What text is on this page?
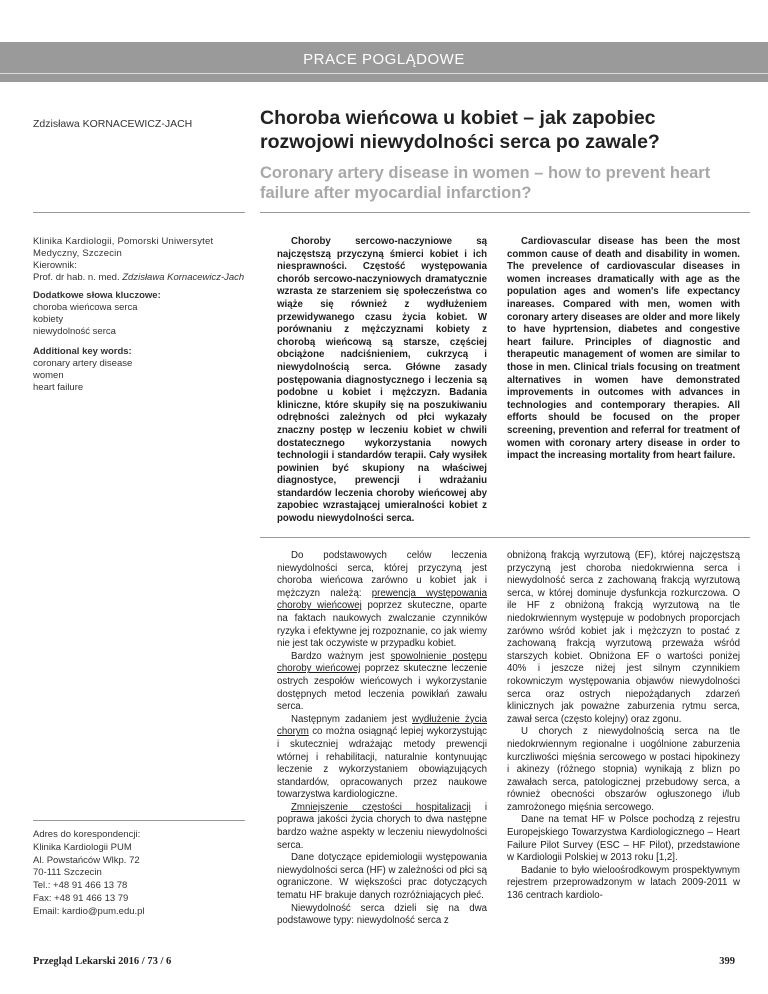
PRACE POGLĄDOWE
Zdzisława KORNACEWICZ-JACH	Choroba wieńcowa u kobiet – jak zapobiec rozwojowi niewydolności serca po zawale?
Coronary artery disease in women – how to prevent heart failure after myocardial infarction?
Klinika Kardiologii, Pomorski Uniwersytet Medyczny, Szczecin
Kierownik:
Prof. dr hab. n. med. Zdzisława Kornacewicz-Jach
Dodatkowe słowa kluczowe:
choroba wieńcowa serca
kobiety
niewydolność serca
Additional key words:
coronary artery disease
women
heart failure

Choroby sercowo-naczyniowe są najczęstszą przyczyną śmierci kobiet i ich niesprawności. Częstość występowania chorób sercowo-naczyniowych dramatycznie wzrasta ze starzeniem się społeczeństwa co wiąże się również z wydłużeniem przewidywanego czasu życia kobiet. W porównaniu z mężczyznami kobiety z chorobą wieńcową są starsze, częściej obciążone nadciśnieniem, cukrzycą i niewydolnością serca. Główne zasady postępowania diagnostycznego i leczenia są podobne u kobiet i mężczyzn. Badania kliniczne, które skupiły się na poszukiwaniu odrębności zależnych od płci wykazały znaczny postęp w leczeniu kobiet w chwili dostatecznego wykorzystania nowych technologii i standardów terapii. Cały wysiłek powinien być skupiony na właściwej diagnostyce, prewencji i wdrażaniu standardów leczenia choroby wieńcowej aby zapobiec wzrastającej umieralności kobiet z powodu niewydolności serca.

Cardiovascular disease has been the most common cause of death and disability in women. The prevelence of cardiovascular diseases in women increases dramatically with age as the population ages and women's life expectancy inareases. Compared with men, women with coronary artery diseases are older and more likely to have hyprtension, diabetes and congestive heart failure. Principles of diagnostic and therapeutic management of women are similar to those in men. Clinical trials focusing on treatment alternatives in women have demonstrated improvements in outcomes with advances in technologies and contemporary therapies. All efforts should be focused on the proper screening, prevention and referral for treatment of women with coronary artery disease in order to impact the increasing mortality from heart failure.

Do podstawowych celów leczenia niewydolności serca, której przyczyną jest choroba wieńcowa zarówno u kobiet jak i mężczyzn należą: prewencja występowania choroby wieńcowej poprzez skuteczne, oparte na faktach naukowych zwalczanie czynników ryzyka i efektywne jej rozpoznanie, co jak wiemy nie jest tak oczywiste w przypadku kobiet.

Bardzo ważnym jest spowolnienie postępu choroby wieńcowej poprzez skuteczne leczenie ostrych zespołów wieńcowych i wykorzystanie dostępnych metod leczenia powikłań zawału serca.

Następnym zadaniem jest wydłużenie życia chorym co można osiągnąć lepiej wykorzystując i skuteczniej wdrażając metody prewencji wtórnej i rehabilitacji, naturalnie kontynuując leczenie z wykorzystaniem obowiązujących standardów, opracowanych przez naukowe towarzystwa kardiologiczne.

Zmniejszenie częstości hospitalizacji i poprawa jakości życia chorych to dwa następne bardzo ważne aspekty w leczeniu niewydolności serca.

Dane dotyczące epidemiologii występowania niewydolności serca (HF) w zależności od płci są ograniczone. W większości prac dotyczących tematu HF brakuje danych rozróżniających płeć.

Niewydolność serca dzieli się na dwa podstawowe typy: niewydolność serca z

obniżoną frakcją wyrzutową (EF), której najczęstszą przyczyną jest choroba niedokrwienna serca i niewydolność serca z zachowaną frakcją wyrzutową serca, w której dominuje dysfunkcja rozkurczowa. O ile HF z obniżoną frakcją wyrzutową na tle niedokrwiennym występuje w podobnych proporcjach zarówno wśród kobiet jak i mężczyzn to postać z zachowaną frakcją wyrzutową przeważa wśród starszych kobiet. Obniżona EF o wartości poniżej 40% i jeszcze niżej jest silnym czynnikiem rokowniczym występowania objawów niewydolności serca oraz ostrych niepożądanych zdarzeń klinicznych jak poważne zaburzenia rytmu serca, zawał serca (często kolejny) oraz zgonu.

U chorych z niewydolnością serca na tle niedokrwiennym regionalne i uogólnione zaburzenia kurczliwości mięśnia sercowego w postaci hipokinezy i akinezy (różnego stopnia) wynikają z blizn po zawałach serca, patologicznej przebudowy serca, a również obecności obszarów ogłuszonego i/lub zamrożonego mięśnia sercowego.

Dane na temat HF w Polsce pochodzą z rejestru Europejskiego Towarzystwa Kardiologicznego – Heart Failure Pilot Survey (ESC – HF Pilot), przedstawione w Kardiologii Polskiej w 2013 roku [1,2].

Badanie to było wieloośrodkowym prospektywnym rejestrem przeprowadzonym w latach 2009-2011 w 136 centrach kardiolo-

Adres do korespondencji:
Klinika Kardiologii PUM
Al. Powstańców Wlkp. 72
70-111 Szczecin
Tel.: +48 91 466 13 78
Fax: +48 91 466 13 79
Email: kardio@pum.edu.pl
Przegląd Lekarski 2016 / 73 / 6	399
